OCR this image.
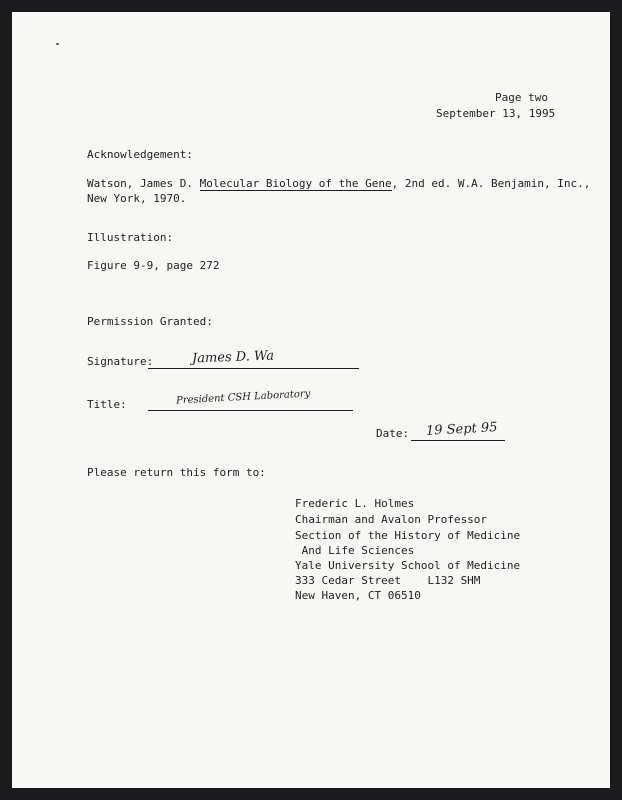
Page two
September 13, 1995
Acknowledgement:
Watson, James D. Molecular Biology of the Gene, 2nd ed. W.A. Benjamin, Inc.,
New York, 1970.
Illustration:
Figure 9-9, page 272
Permission Granted:
Signature:	James D. Wa
Title:	President CSH Laboratory
Date: 19 Sept 95
Please return this form to:
Frederic L. Holmes
Chairman and Avalon Professor
Section of the History of Medicine
And Life Sciences
Yale University School of Medicine
333 Cedar Street    L132 SHM
New Haven, CT 06510
